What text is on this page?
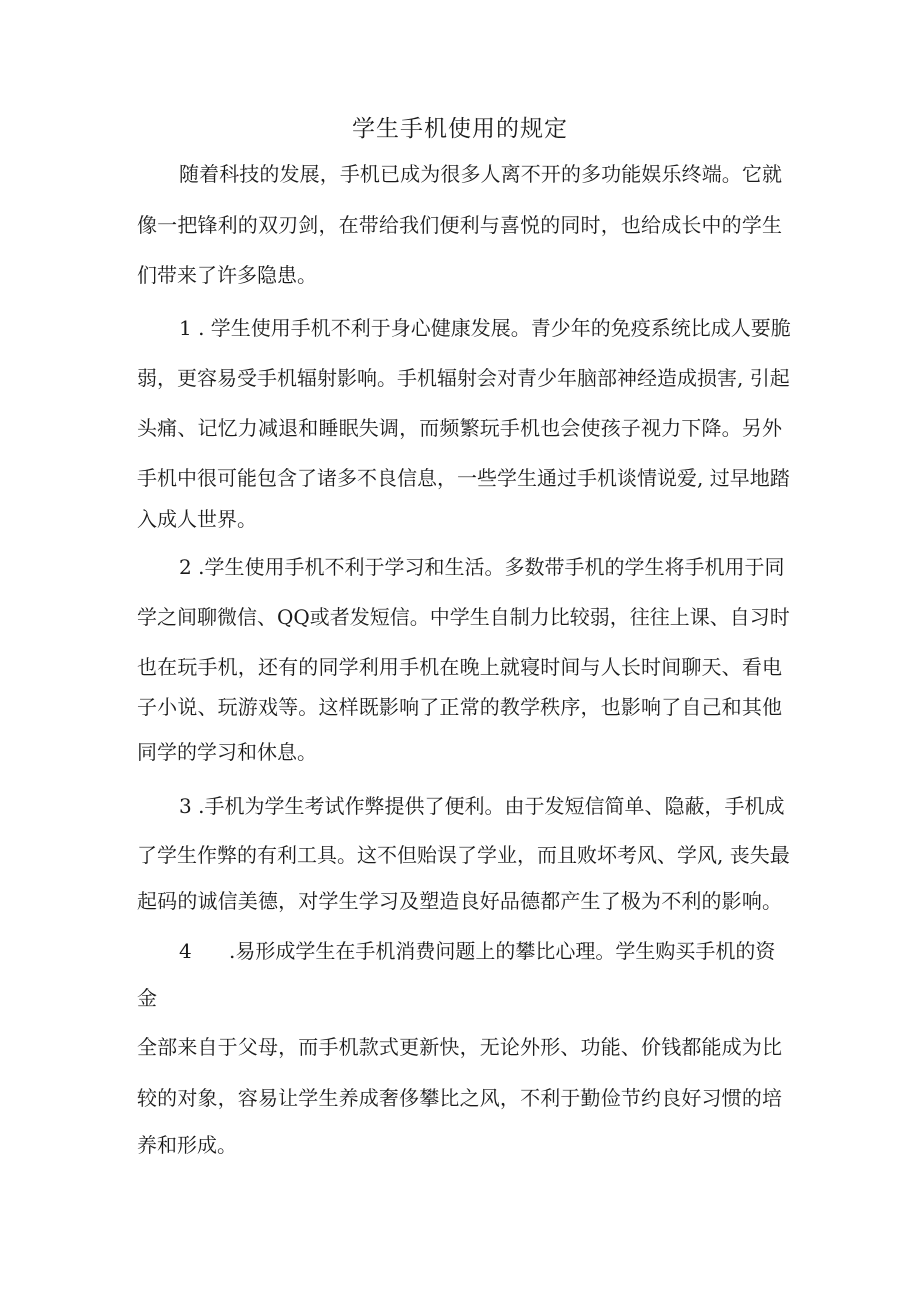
学生手机使用的规定
随着科技的发展，手机已成为很多人离不开的多功能娱乐终端。它就
像一把锋利的双刃剑，在带给我们便利与喜悦的同时，也给成长中的学生
们带来了许多隐患。
1 . 学生使用手机不利于身心健康发展。青少年的免疫系统比成人要脆
弱，更容易受手机辐射影响。手机辐射会对青少年脑部神经造成损害, 引起
头痛、记忆力减退和睡眠失调，而频繁玩手机也会使孩子视力下降。另外
手机中很可能包含了诸多不良信息，一些学生通过手机谈情说爱, 过早地踏
入成人世界。
2 .学生使用手机不利于学习和生活。多数带手机的学生将手机用于同
学之间聊微信、QQ或者发短信。中学生自制力比较弱，往往上课、自习时
也在玩手机，还有的同学利用手机在晚上就寝时间与人长时间聊天、看电
子小说、玩游戏等。这样既影响了正常的教学秩序，也影响了自己和其他
同学的学习和休息。
3 .手机为学生考试作弊提供了便利。由于发短信简单、隐蔽，手机成
了学生作弊的有利工具。这不但贻误了学业，而且败坏考风、学风, 丧失最
起码的诚信美德，对学生学习及塑造良好品德都产生了极为不利的影响。
4 .易形成学生在手机消费问题上的攀比心理。学生购买手机的资
金
全部来自于父母，而手机款式更新快，无论外形、功能、价钱都能成为比
较的对象，容易让学生养成奢侈攀比之风，不利于勤俭节约良好习惯的培
养和形成。
